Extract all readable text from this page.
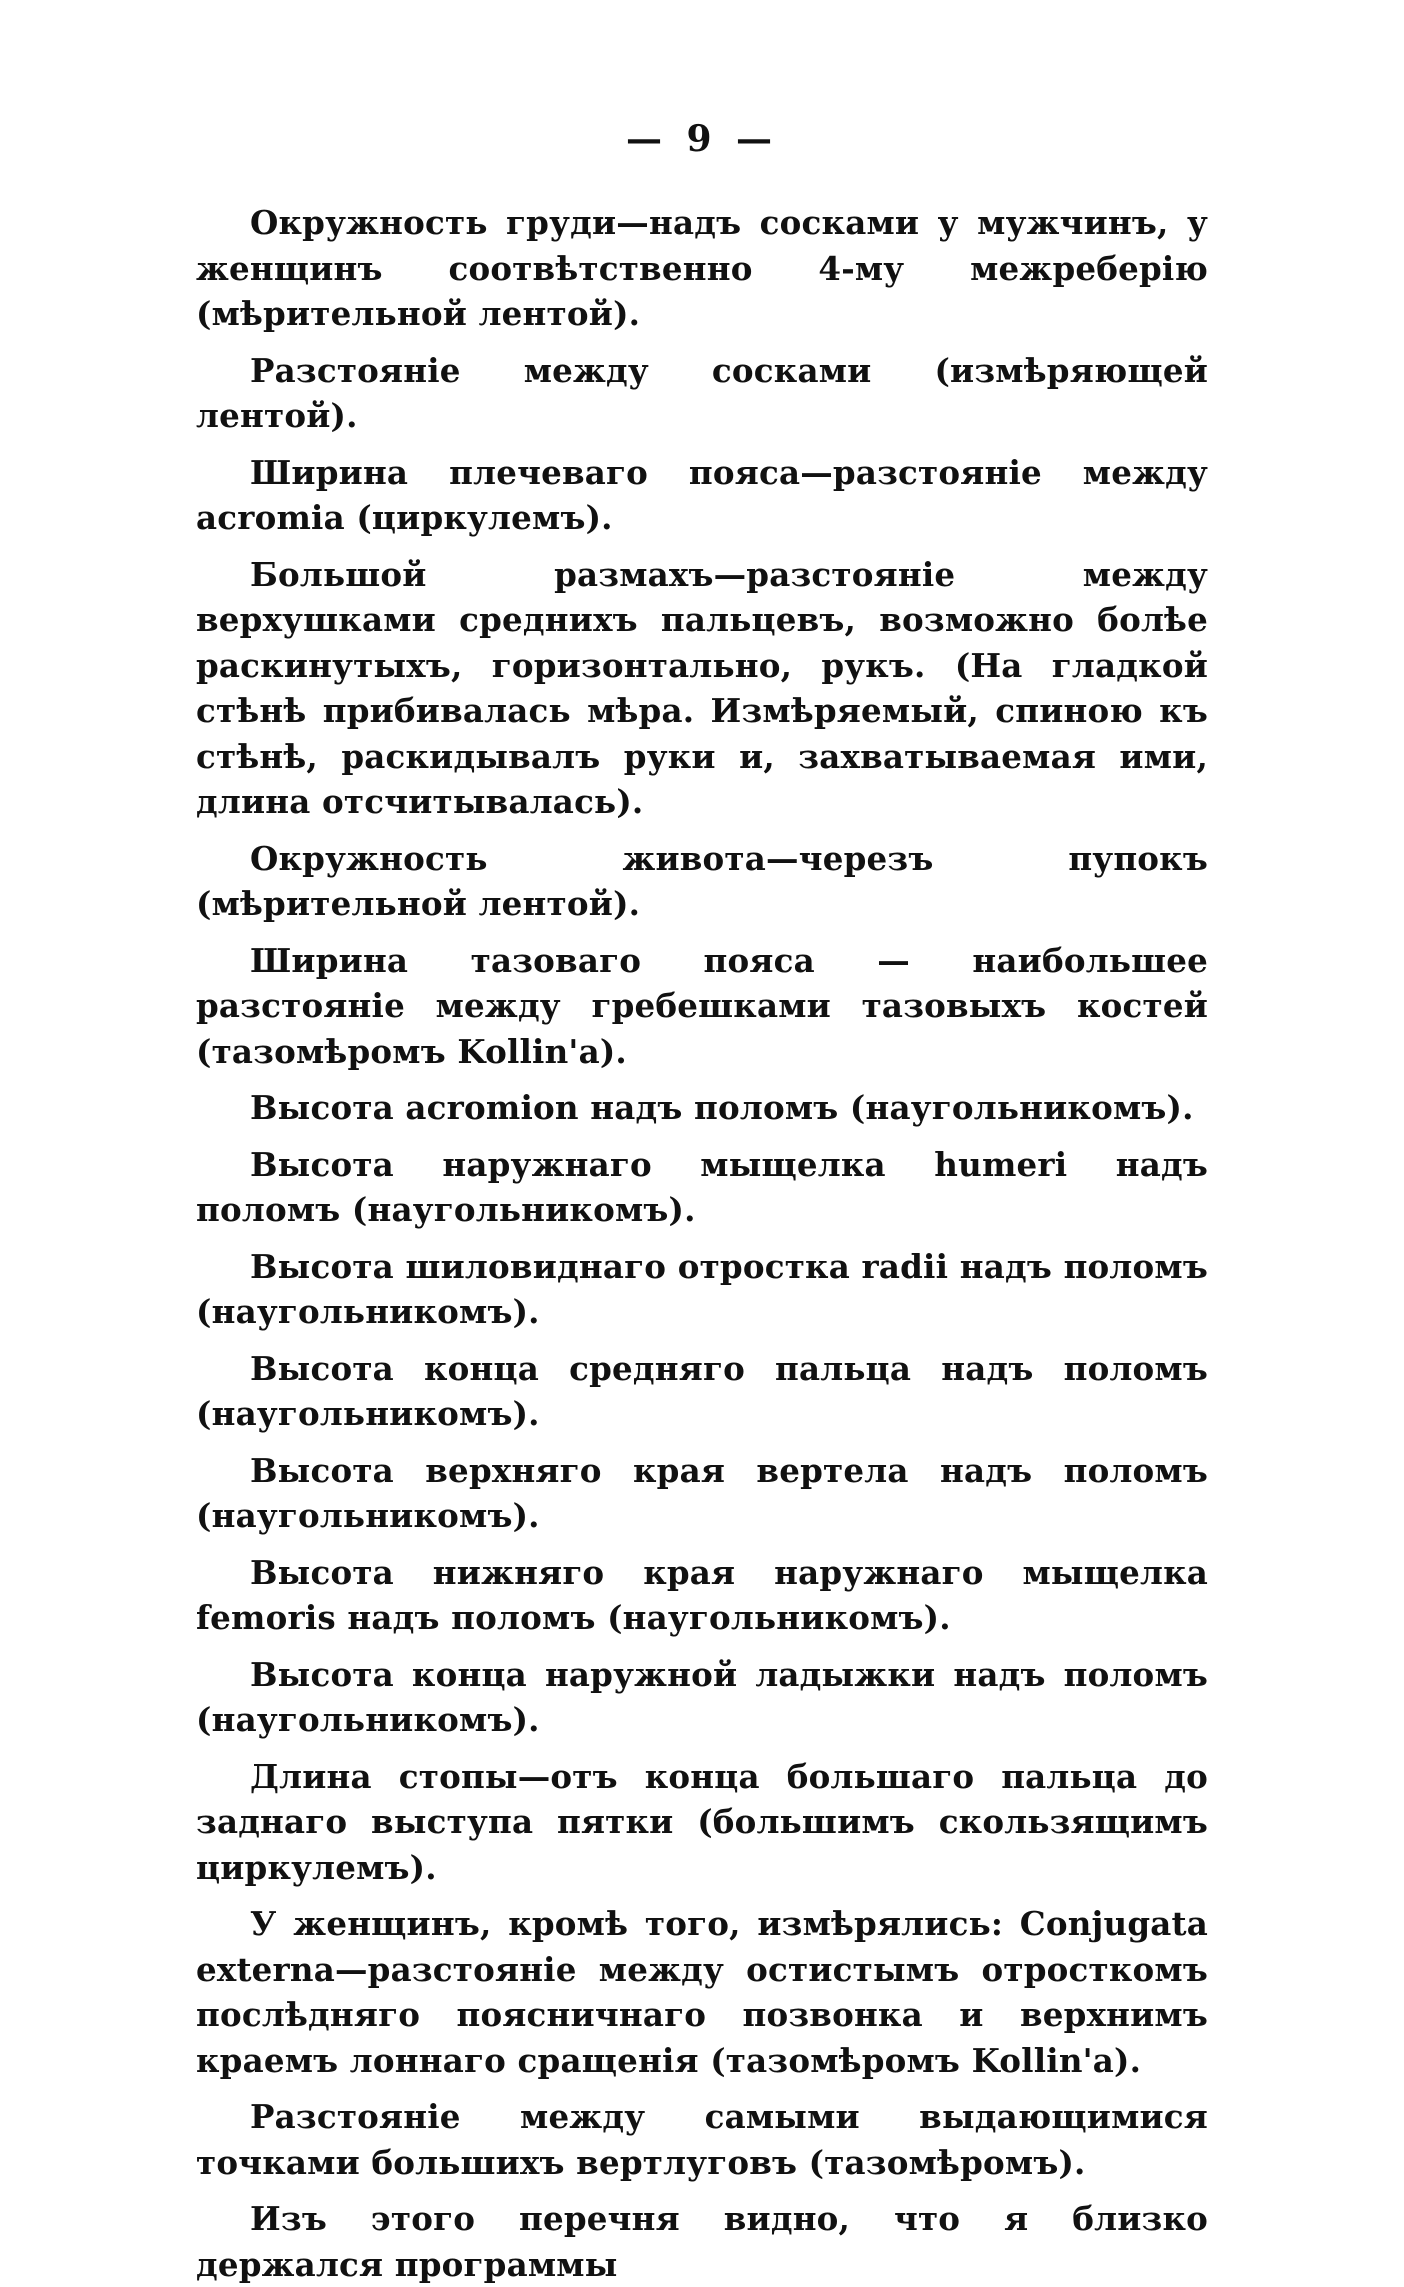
— 9 —

Окружность груди—надъ сосками у мужчинъ, у женщинъ соотвѣтственно 4-му межреберію (мѣрительной лентой).

Разстояніе между сосками (измѣряющей лентой).

Ширина плечеваго пояса—разстояніе между acromia (циркулемъ).

Большой размахъ—разстояніе между верхушками среднихъ пальцевъ, возможно болѣе раскинутыхъ, горизонтально, рукъ. (На гладкой стѣнѣ прибивалась мѣра. Измѣряемый, спиною къ стѣнѣ, раскидывалъ руки и, захватываемая ими, длина отсчитывалась).

Окружность живота—черезъ пупокъ (мѣрительной лентой).

Ширина тазоваго пояса — наибольшее разстояніе между гребешками тазовыхъ костей (тазомѣромъ Kollin'a).

Высота acromion надъ поломъ (наугольникомъ).

Высота наружнаго мыщелка humeri надъ поломъ (наугольникомъ).

Высота шиловиднаго отростка radii надъ поломъ (наугольникомъ).

Высота конца средняго пальца надъ поломъ (наугольникомъ).

Высота верхняго края вертела надъ поломъ (наугольникомъ).

Высота нижняго края наружнаго мыщелка femoris надъ поломъ (наугольникомъ).

Высота конца наружной ладыжки надъ поломъ (наугольникомъ).

Длина стопы—отъ конца большаго пальца до заднаго выступа пятки (большимъ скользящимъ циркулемъ).

У женщинъ, кромѣ того, измѣрялись: Conjugata externa—разстояніе между остистымъ отросткомъ послѣдняго поясничнаго позвонка и верхнимъ краемъ лоннаго сращенія (тазомѣромъ Kollin'a).

Разстояніе между самыми выдающимися точками большихъ вертлуговъ (тазомѣромъ).

Изъ этого перечня видно, что я близко держался программы
